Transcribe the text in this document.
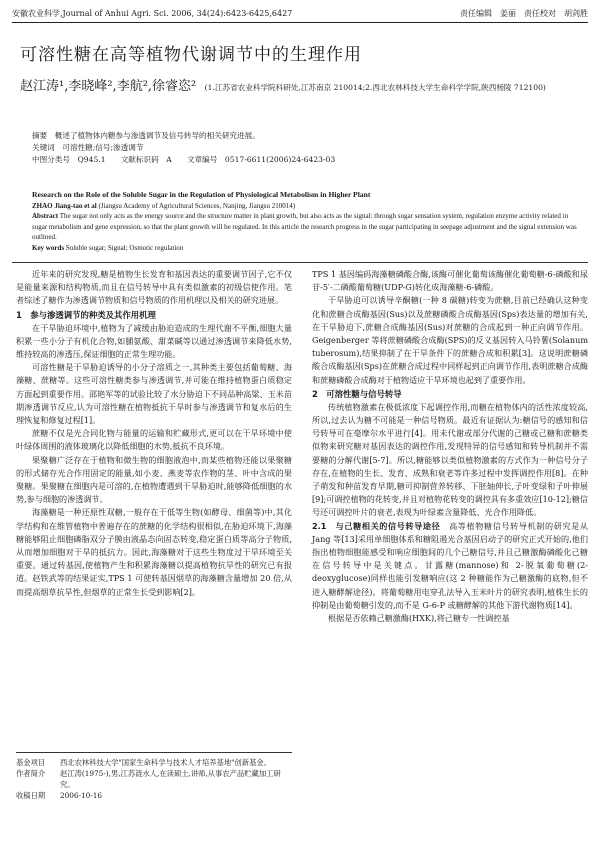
安徽农业科学,Journal of Anhui Agri. Sci. 2006, 34(24):6423-6425,6427	责任编辑　姜丽　责任校对　胡剑胜
可溶性糖在高等植物代谢调节中的生理作用
赵江涛¹,李晓峰²,李航²,徐睿恣² (1.江苏省农业科学院科研处,江苏南京 210014;2.西北农林科技大学生命科学学院,陕西杨陵 712100)
摘要　概述了植物体内糖参与渗透调节及信号转导的相关研究进展。
关键词　可溶性糖;信号;渗透调节
中图分类号　Q945.1　　文献标识码　A　　文章编号　0517-6611(2006)24-6423-03
Research on the Role of the Soluble Sugar in the Regulation of Physiological Metabolism in Higher Plant
ZHAO Jiang-tao et al (Jiangsu Academy of Agricultural Sciences, Nanjing, Jiangsu 210014)
Abstract The sugar not only acts as the energy source and the structure matter in plant growth, but also acts as the signal: through sugar sensation system, regulation enzyme activity related in sugar metabolism and gene expression, so that the plant growth will be regulated. In this article the research progress in the sugar participating in seepage adjustment and the signal extension was outlined.
Key words Soluble sugar; Signal; Osmotic regulation

近年来的研究发现,糖是植物生长发育和基因表达的重要调节因子,它不仅是能量来源和结构物质,而且在信号转导中具有类似激素的初级信使作用。笔者综述了糖作为渗透调节物质和信号物质的作用机理以及相关的研究进展。

1　参与渗透调节的种类及其作用机理

在干旱胁迫环境中,植物为了减缓由胁迫造成的生理代谢不平衡,细胞大量积累一些小分子有机化合物,如脯氨酸、甜菜碱等以通过渗透调节来降低水势,维持较高的渗透压,保证细胞的正常生理功能。

可溶性糖是干旱胁迫诱导的小分子溶质之一,其种类主要包括葡萄糖、海藻糖、蔗糖等。这些可溶性糖类参与渗透调节,并可能在维持植物蛋白质稳定方面起到重要作用。邵艳军等的试验比较了水分胁迫下不同品种高粱、玉米苗期渗透调节反应,认为可溶性糖在植物抵抗干旱时参与渗透调节和复水后的生理恢复和修复过程[1]。

蔗糖不仅是光合同化物与能量的运输和贮藏形式,更可以在干旱环境中使叶绿体周围的液体玻璃化以降低细胞的水势,抵抗不良环境。

果聚糖广泛存在于植物和微生物的细胞液泡中,而某些植物还能以果聚糖的形式储存光合作用固定的能量,如小麦、燕麦等农作物的茎、叶中含成的果聚糖。果聚糖在细胞内是可溶的,在植物遭遇到干旱胁迫时,能够降低细胞的水势,参与细胞的渗透调节。

海藻糖是一种还原性双糖,一般存在于低等生物(如酵母、细菌等)中,其化学结构和在维管植物中普遍存在的蔗糖的化学结构很相似,在胁迫环境下,海藻糖能够阻止细胞磷脂双分子膜由液晶态向固态转变,稳定蛋白质等高分子物质,从而增加细胞对干旱的抵抗力。因此,海藻糖对于这些生物度过干旱环境至关重要。通过转基因,使植物产生和积累海藻糖以提高植物抗旱性的研究已有报道。赵铁武等的结果证实,TPS 1 可使转基因烟草的海藻糖含量增加 20 倍,从而提高烟草抗旱性,但烟草的正常生长受到影响[2]。

TPS 1 基因编码海藻糖磷酸合酶,该酶可催化葡萄该酶催化葡萄糖-6-磷酸和尿苷-5′-二磷酸葡萄糖(UDP-G)转化成海藻糖-6-磷酸。

干旱胁迫可以诱导辛酮糖(一种 8 碳糖)转变为蔗糖,目前已经确认这种变化和蔗糖合成酶基因(Sus)以及蔗糖磷酸合成酶基因(Sps)表达量的增加有关,在干旱胁迫下,蔗糖合成酶基因(Sus)对蔗糖的合成起到一种正向调节作用。Geigenberger 等将蔗糖磷酸合成酶(SPS)的反义基因转入马铃薯(Solanum tuberosum),结果抑制了在干旱条件下的蔗糖合成和积累[3]。这说明蔗糖磷酸合成酶基因(Sps)在蔗糖合成过程中同样起到正向调节作用,表明蔗糖合成酶和蔗糖磷酸合成酶对于植物适应干旱环境也起到了重要作用。

2　可溶性糖与信号转导

传统植物激素在极低浓度下起调控作用,而糖在植物体内的活性浓度较高,所以,过去认为糖不可能是一种信号物质。最近有证据认为:糖信号的感知和信号转导可在毫摩尔水平进行[4]。用未代谢或部分代谢的己糖或己糖和蔗糖类似物来研究糖对基因表达的调控作用,发现特异的信号感知和转导机制并不需要糖的分解代谢[5-7]。所以,糖能够以类似植物激素的方式作为一种信号分子存在,在植物的生长、发育、成熟和衰老等许多过程中发挥调控作用[8]。在种子萌发和种苗发育早期,糖可抑制营养转移、下胚轴伸长,子叶变绿和子叶伸展[9];可调控植物的花转变,并且对植物花转变的调控具有多重效应[10-12];糖信号还可调控叶片的衰老,表现为叶绿素含量降低、光合作用降低。

2.1　与己糖相关的信号转导途径　高等植物糖信号转导机制的研究是从 Jang 等[13]采用单细胞体系和糖阻遏光合基因启动子的研究正式开始的,他们指出植物细胞能感受和响应细胞间的几个己糖信号,并且己糖激酶磷酸化己糖在信号转导中是关键点。甘露糖(mannose)和 2-脱氧葡萄糖(2-deoxyglucose)同样也能引发糖响应(这 2 种糖能作为己糖激酶的底物,但不进入糖酵解途径)。将葡萄糖用电穿孔法导入玉米叶片的研究表明,植株生长的抑制是由葡萄糖引发的,而不是 G-6-P 或糖酵解的其他下游代谢物质[14]。

根据是否依赖己糖激酶(HXK),将己糖专一性调控基

基金项目	西北农林科技大学"国家生命科学与技术人才培养基地"创新基金。
作者简介	赵江涛(1975-),男,江苏涟水人,在读硕士,讲师,从事农产品贮藏加工研究。
收稿日期	2006-10-16
